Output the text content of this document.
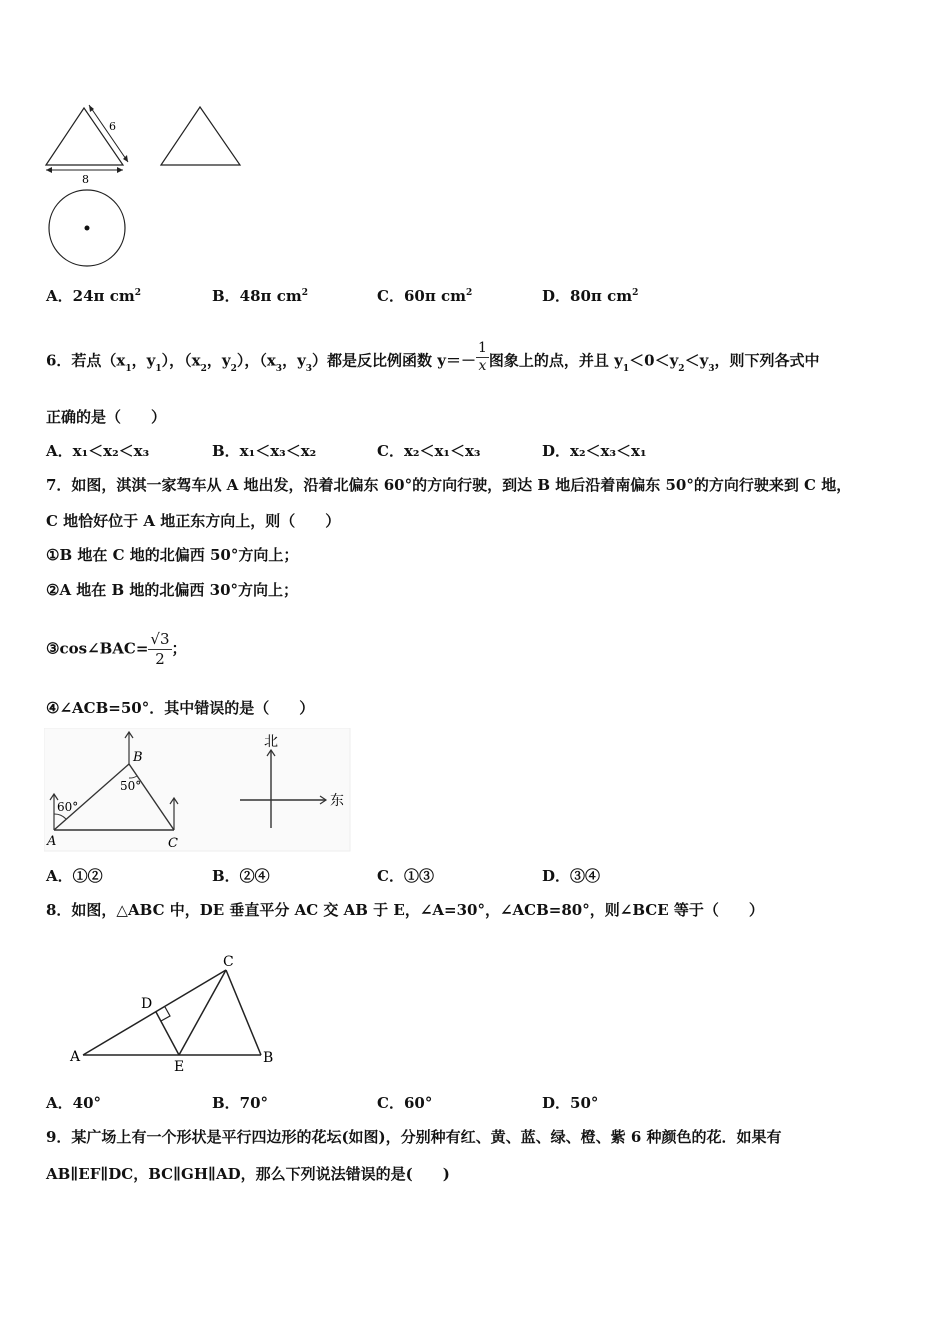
6
8
A．24π $cm^2$	B．48π $cm^2$	C．60π $cm^2$	D．80π $cm^2$
6．若点（x1，y1），（x2，y2），（x3，y3）都是反比例函数 $y=- \frac{1}{x}$ 图象上的点，并且 y1＜0＜y2＜y3，则下列各式中
正确的是（　　）
A．x₁＜x₂＜x₃	B．x₁＜x₃＜x₂	C．x₂＜x₁＜x₃	D．x₂＜x₃＜x₁
7．如图，淇淇一家驾车从 A 地出发，沿着北偏东 60°的方向行驶，到达 B 地后沿着南偏东 50°的方向行驶来到 C 地，
C 地恰好位于 A 地正东方向上，则（　　）
①B 地在 C 地的北偏西 50°方向上；
②A 地在 B 地的北偏西 30°方向上；
③cos∠BAC= $\frac{√3}{2}$ ；
④∠ACB=50°．其中错误的是（　　）
60°
50°
A
B
C
北
东
A．①②	B．②④	C．①③	D．③④
8．如图，△ABC 中，DE 垂直平分 AC 交 AB 于 E，∠A=30°，∠ACB=80°，则∠BCE 等于（　　）
A	B
C
D
E
A．40°	B．70°	C．60°	D．50°
9．某广场上有一个形状是平行四边形的花坛(如图)，分别种有红、黄、蓝、绿、橙、紫 6 种颜色的花．如果有
AB∥EF∥DC，BC∥GH∥AD，那么下列说法错误的是(　　)
